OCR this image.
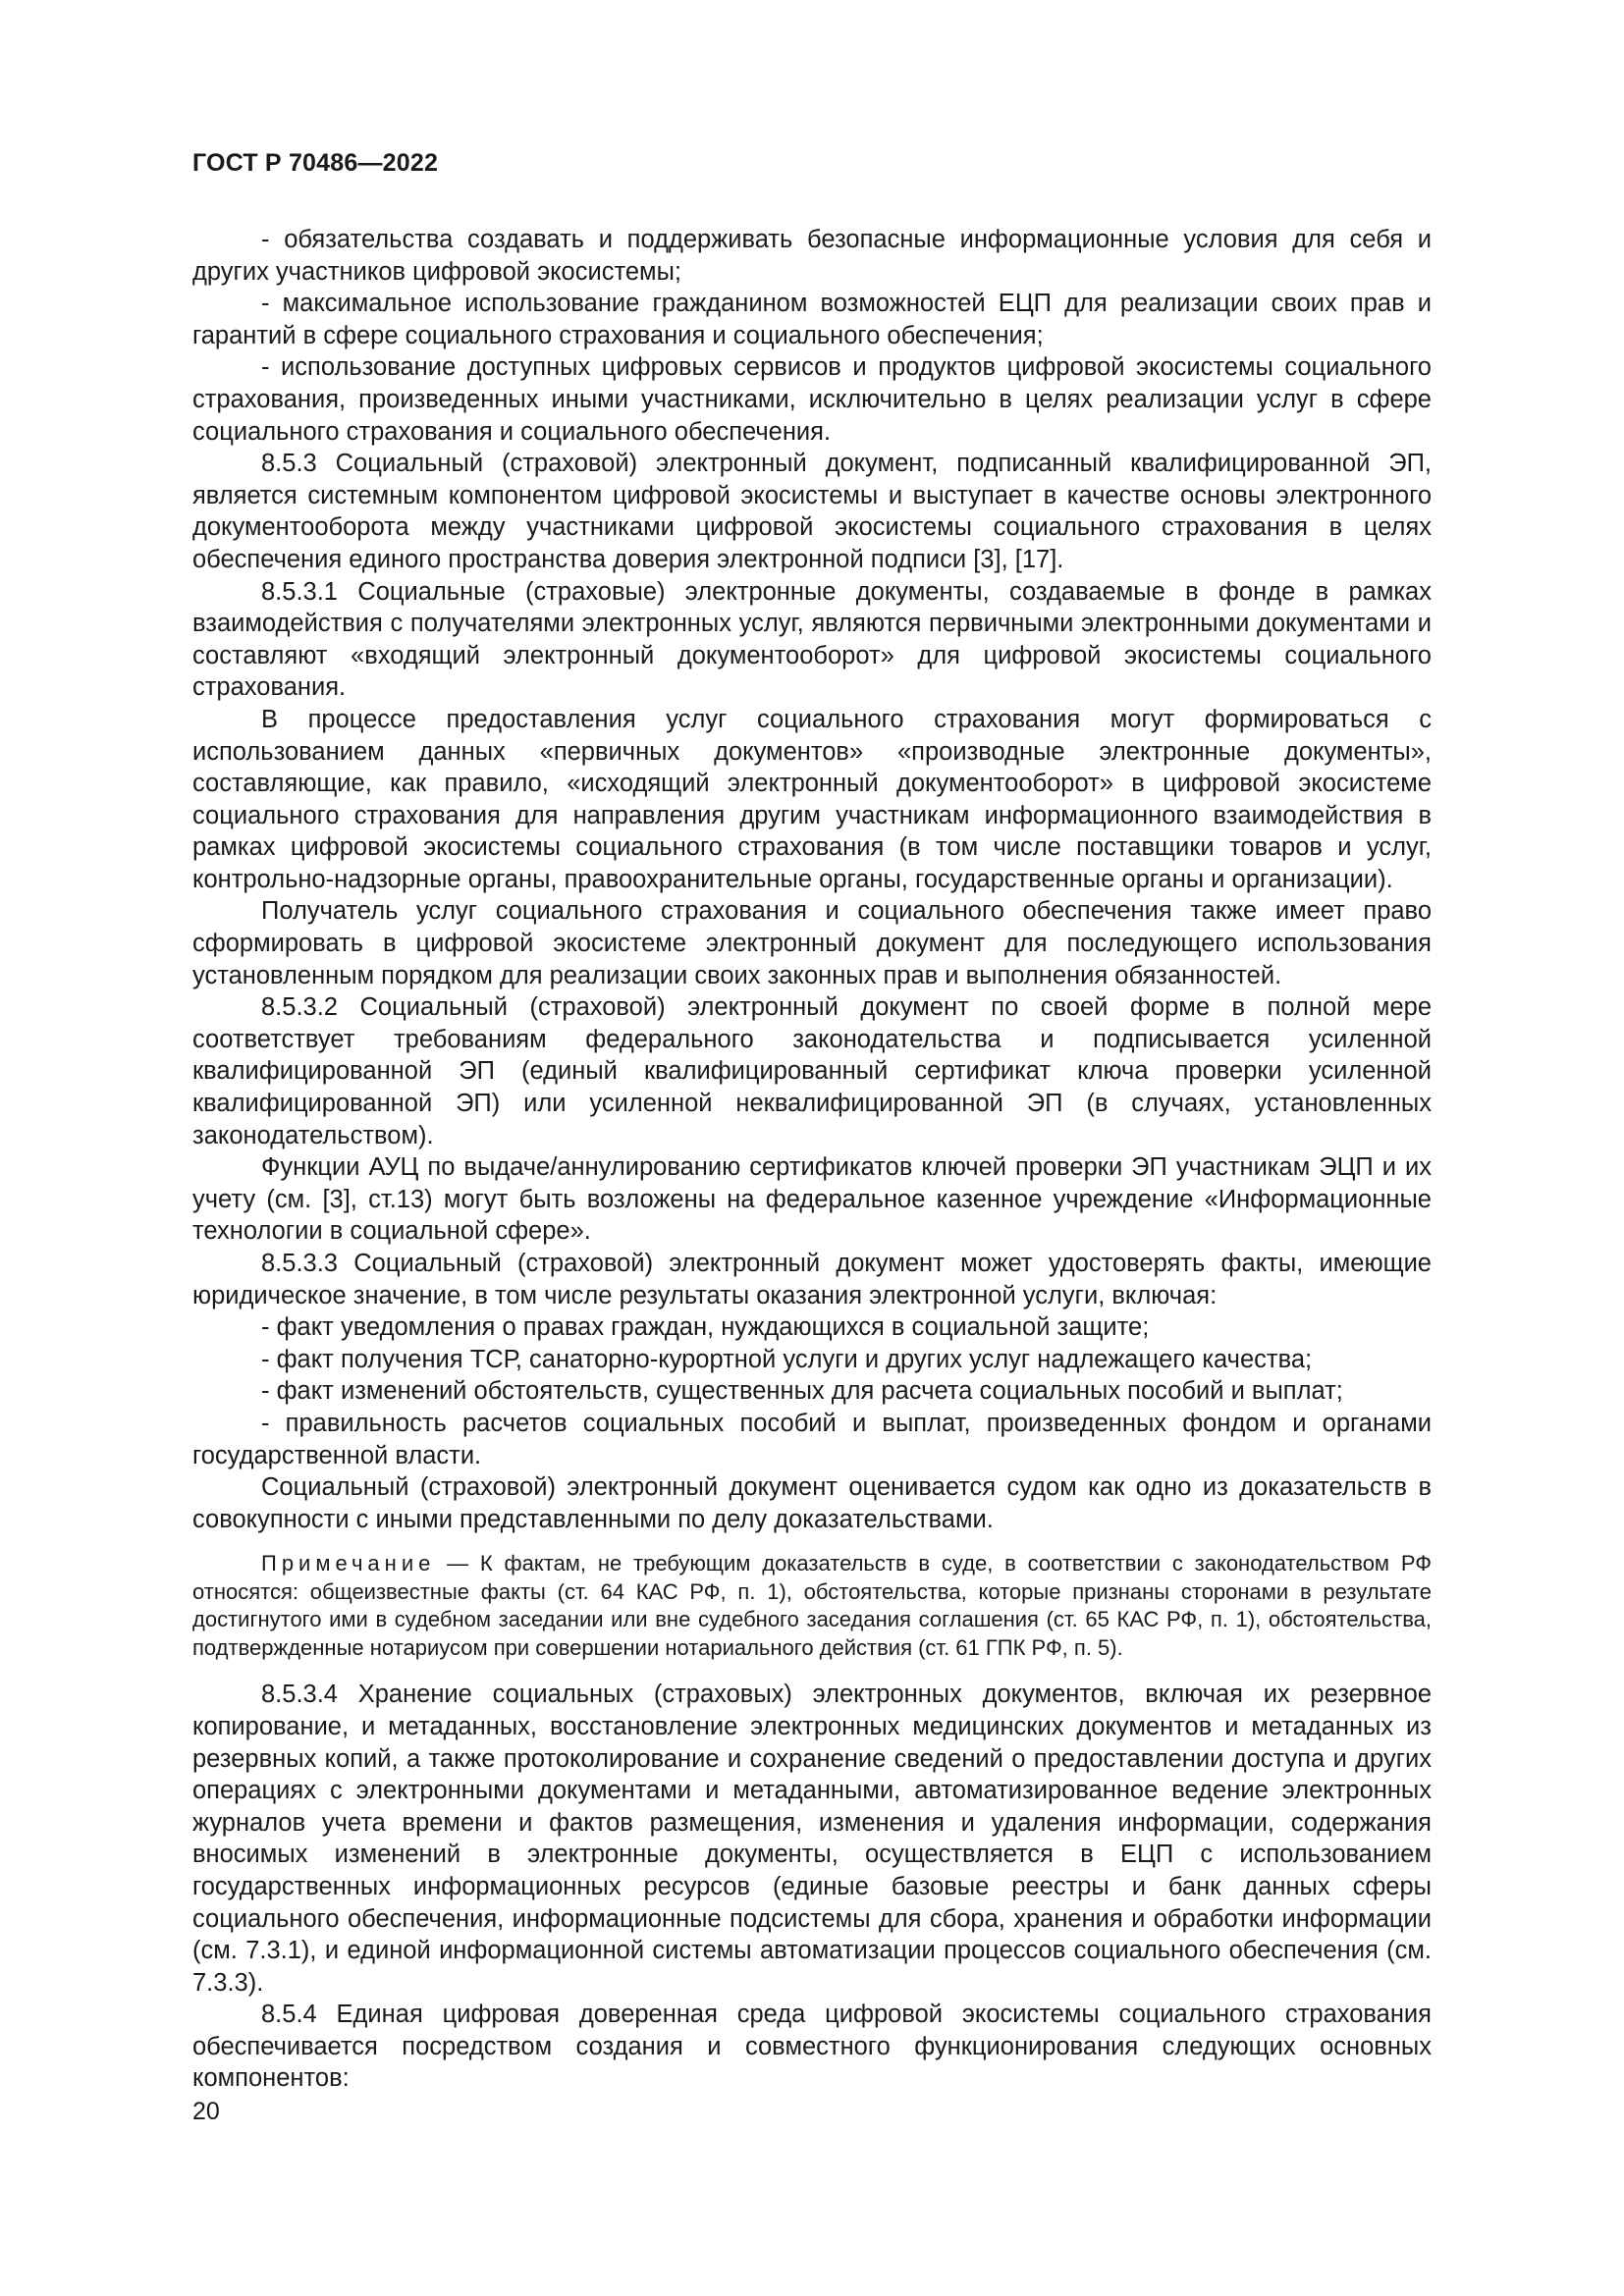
ГОСТ Р 70486—2022

- обязательства создавать и поддерживать безопасные информационные условия для себя и других участников цифровой экосистемы;

- максимальное использование гражданином возможностей ЕЦП для реализации своих прав и гарантий в сфере социального страхования и социального обеспечения;

- использование доступных цифровых сервисов и продуктов цифровой экосистемы социального страхования, произведенных иными участниками, исключительно в целях реализации услуг в сфере социального страхования и социального обеспечения.

8.5.3 Социальный (страховой) электронный документ, подписанный квалифицированной ЭП, является системным компонентом цифровой экосистемы и выступает в качестве основы электронного документооборота между участниками цифровой экосистемы социального страхования в целях обеспечения единого пространства доверия электронной подписи [3], [17].

8.5.3.1 Социальные (страховые) электронные документы, создаваемые в фонде в рамках взаимодействия с получателями электронных услуг, являются первичными электронными документами и составляют «входящий электронный документооборот» для цифровой экосистемы социального страхования.

В процессе предоставления услуг социального страхования могут формироваться с использованием данных «первичных документов» «производные электронные документы», составляющие, как правило, «исходящий электронный документооборот» в цифровой экосистеме социального страхования для направления другим участникам информационного взаимодействия в рамках цифровой экосистемы социального страхования (в том числе поставщики товаров и услуг, контрольно-надзорные органы, правоохранительные органы, государственные органы и организации).

Получатель услуг социального страхования и социального обеспечения также имеет право сформировать в цифровой экосистеме электронный документ для последующего использования установленным порядком для реализации своих законных прав и выполнения обязанностей.

8.5.3.2 Социальный (страховой) электронный документ по своей форме в полной мере соответствует требованиям федерального законодательства и подписывается усиленной квалифицированной ЭП (единый квалифицированный сертификат ключа проверки усиленной квалифицированной ЭП) или усиленной неквалифицированной ЭП (в случаях, установленных законодательством).

Функции АУЦ по выдаче/аннулированию сертификатов ключей проверки ЭП участникам ЭЦП и их учету (см. [3], ст.13) могут быть возложены на федеральное казенное учреждение «Информационные технологии в социальной сфере».

8.5.3.3 Социальный (страховой) электронный документ может удостоверять факты, имеющие юридическое значение, в том числе результаты оказания электронной услуги, включая:

- факт уведомления о правах граждан, нуждающихся в социальной защите;

- факт получения ТСР, санаторно-курортной услуги и других услуг надлежащего качества;

- факт изменений обстоятельств, существенных для расчета социальных пособий и выплат;

- правильность расчетов социальных пособий и выплат, произведенных фондом и органами государственной власти.

Социальный (страховой) электронный документ оценивается судом как одно из доказательств в совокупности с иными представленными по делу доказательствами.

Примечание — К фактам, не требующим доказательств в суде, в соответствии с законодательством РФ относятся: общеизвестные факты (ст. 64 КАС РФ, п. 1), обстоятельства, которые признаны сторонами в результате достигнутого ими в судебном заседании или вне судебного заседания соглашения (ст. 65 КАС РФ, п. 1), обстоятельства, подтвержденные нотариусом при совершении нотариального действия (ст. 61 ГПК РФ, п. 5).

8.5.3.4 Хранение социальных (страховых) электронных документов, включая их резервное копирование, и метаданных, восстановление электронных медицинских документов и метаданных из резервных копий, а также протоколирование и сохранение сведений о предоставлении доступа и других операциях с электронными документами и метаданными, автоматизированное ведение электронных журналов учета времени и фактов размещения, изменения и удаления информации, содержания вносимых изменений в электронные документы, осуществляется в ЕЦП с использованием государственных информационных ресурсов (единые базовые реестры и банк данных сферы социального обеспечения, информационные подсистемы для сбора, хранения и обработки информации (см. 7.3.1), и единой информационной системы автоматизации процессов социального обеспечения (см. 7.3.3).

8.5.4 Единая цифровая доверенная среда цифровой экосистемы социального страхования обеспечивается посредством создания и совместного функционирования следующих основных компонентов:

20
